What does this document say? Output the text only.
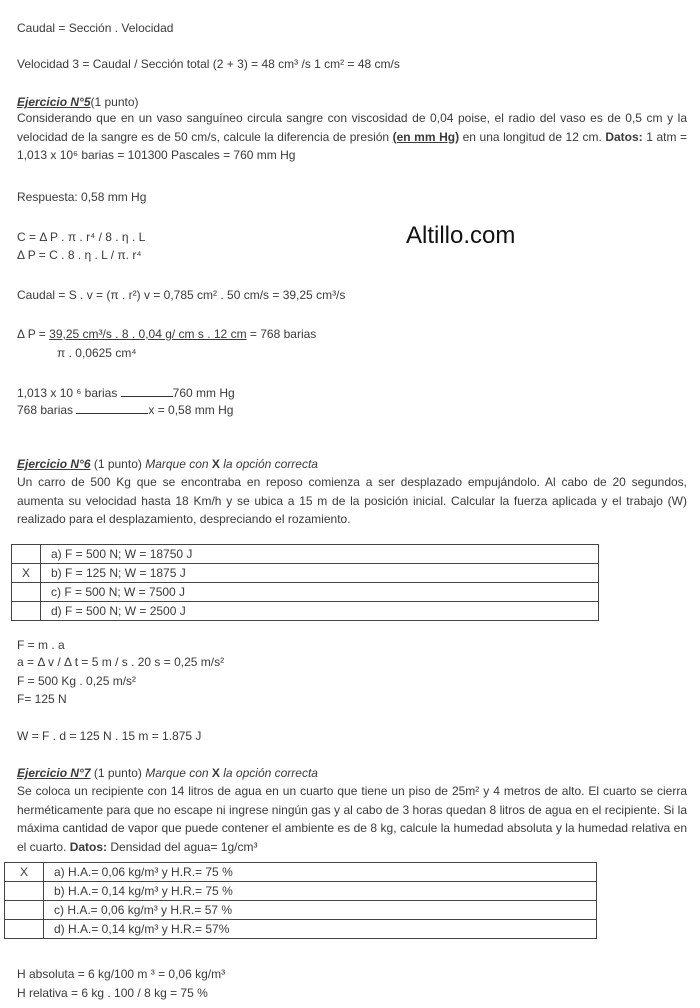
Caudal = Sección . Velocidad
Velocidad 3 = Caudal / Sección total (2 + 3) = 48 cm³ /s 1 cm² = 48 cm/s
Altillo.com
Ejercicio N°5(1 punto)
Considerando que en un vaso sanguíneo circula sangre con viscosidad de 0,04 poise, el radio del vaso es de 0,5 cm y la velocidad de la sangre es de 50 cm/s, calcule la diferencia de presión (en mm Hg) en una longitud de 12 cm. Datos: 1 atm = 1,013 x 10⁶ barias = 101300 Pascales = 760 mm Hg
Respuesta: 0,58 mm Hg
C = Δ P . π . r⁴ / 8 . η . L
Δ P = C . 8 . η . L / π. r⁴
Caudal = S . v = (π . r²) v = 0,785 cm² . 50 cm/s = 39,25 cm³/s
Δ P = 39,25 cm³/s . 8 . 0,04 g/ cm s . 12 cm = 768 barias
π . 0,0625 cm⁴
1,013 x 10 ⁶ barias	760 mm Hg
768 barias	x = 0,58 mm Hg
Ejercicio N°6 (1 punto) Marque con X la opción correcta
Un carro de 500 Kg que se encontraba en reposo comienza a ser desplazado empujándolo. Al cabo de 20 segundos, aumenta su velocidad hasta 18 Km/h y se ubica a 15 m de la posición inicial. Calcular la fuerza aplicada y el trabajo (W) realizado para el desplazamiento, despreciando el rozamiento.
	a) F = 500 N; W = 18750 J
X	b) F = 125 N; W = 1875 J
	c) F = 500 N; W = 7500 J
	d) F = 500 N; W = 2500 J
F = m . a
a = Δ v / Δ t = 5 m / s . 20 s = 0,25 m/s²
F = 500 Kg . 0,25 m/s²
F= 125 N
W = F . d = 125 N . 15 m = 1.875 J
Ejercicio N°7 (1 punto) Marque con X la opción correcta
Se coloca un recipiente con 14 litros de agua en un cuarto que tiene un piso de 25m² y 4 metros de alto. El cuarto se cierra herméticamente para que no escape ni ingrese ningún gas y al cabo de 3 horas quedan 8 litros de agua en el recipiente. Si la máxima cantidad de vapor que puede contener el ambiente es de 8 kg, calcule la humedad absoluta y la humedad relativa en el cuarto. Datos: Densidad del agua= 1g/cm³
X	a) H.A.= 0,06 kg/m³ y H.R.= 75 %
	b) H.A.= 0,14 kg/m³ y H.R.= 75 %
	c) H.A.= 0,06 kg/m³ y H.R.= 57 %
	d) H.A.= 0,14 kg/m³ y H.R.= 57%
H absoluta = 6 kg/100 m ³ = 0,06 kg/m³
H relativa = 6 kg . 100 / 8 kg = 75 %
